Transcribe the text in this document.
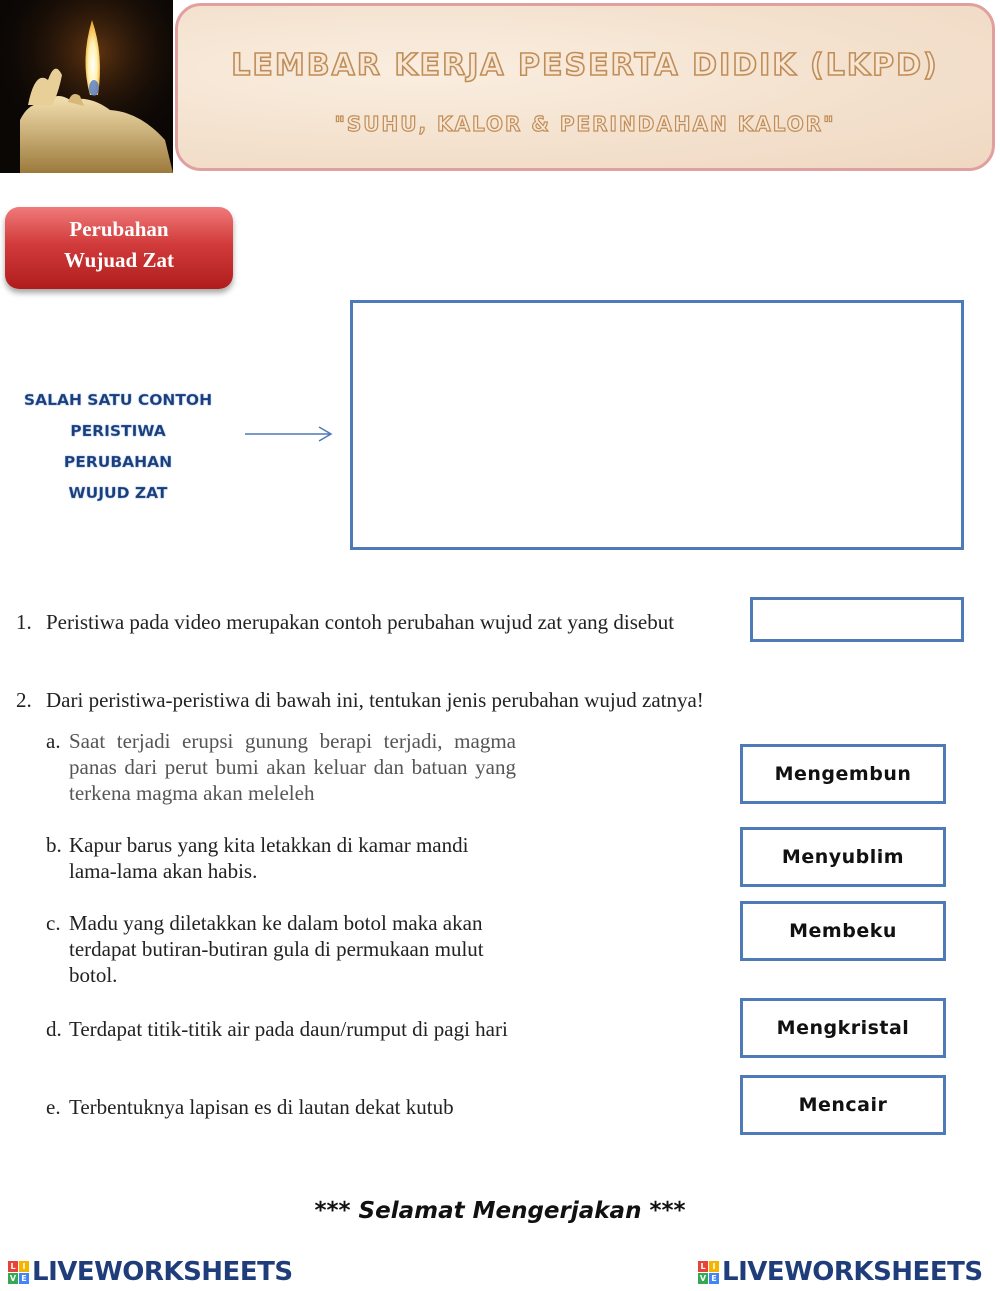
LEMBAR KERJA PESERTA DIDIK (LKPD)
"SUHU, KALOR & PERINDAHAN KALOR"
Perubahan
Wujuad Zat
SALAH SATU CONTOH
PERISTIWA PERUBAHAN
WUJUD ZAT
1. Peristiwa pada video merupakan contoh perubahan wujud zat yang disebut
2. Dari peristiwa-peristiwa di bawah ini, tentukan jenis perubahan wujud zatnya!
a. Saat terjadi erupsi gunung berapi terjadi, magma panas dari perut bumi akan keluar dan batuan yang terkena magma akan meleleh
b. Kapur barus yang kita letakkan di kamar mandi lama-lama akan habis.
c. Madu yang diletakkan ke dalam botol maka akan terdapat butiran-butiran gula di permukaan mulut botol.
d. Terdapat titik-titik air pada daun/rumput di pagi hari
e. Terbentuknya lapisan es di lautan dekat kutub
Mengembun
Menyublim
Membeku
Mengkristal
Mencair
*** Selamat Mengerjakan ***
L I
V E LIVEWORKSHEETS	L I
V E LIVEWORKSHEETS
